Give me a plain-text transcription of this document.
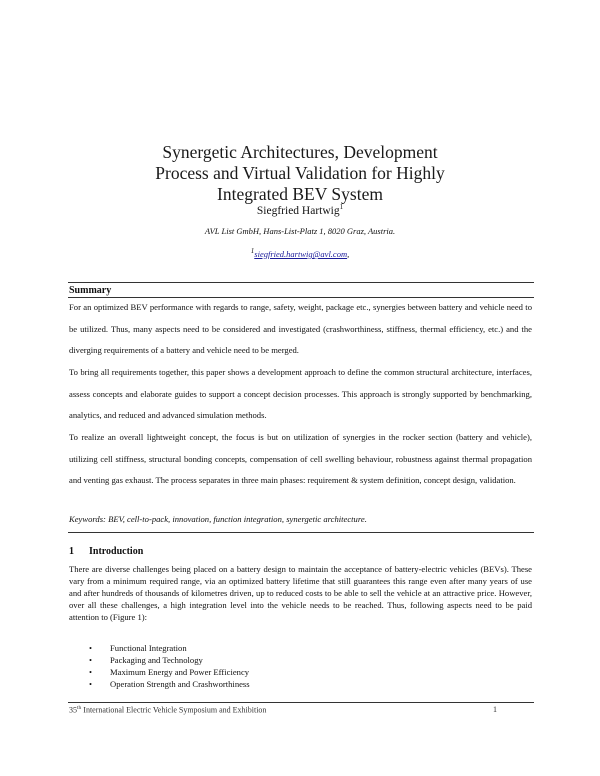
Synergetic Architectures, Development
Process and Virtual Validation for Highly
Integrated BEV System
Siegfried Hartwig$^1$
AVL List GmbH, Hans-List-Platz 1, 8020 Graz, Austria.
$^1$siegfried.hartwig@avl.com,
Summary

For an optimized BEV performance with regards to range, safety, weight, package etc., synergies between battery and vehicle need to be utilized. Thus, many aspects need to be considered and investigated (crashworthiness, stiffness, thermal efficiency, etc.) and the diverging requirements of a battery and vehicle need to be merged.

To bring all requirements together, this paper shows a development approach to define the common structural architecture, interfaces, assess concepts and elaborate guides to support a concept decision processes. This approach is strongly supported by benchmarking, analytics, and reduced and advanced simulation methods.

To realize an overall lightweight concept, the focus is but on utilization of synergies in the rocker section (battery and vehicle), utilizing cell stiffness, structural bonding concepts, compensation of cell swelling behaviour, robustness against thermal propagation and venting gas exhaust. The process separates in three main phases: requirement & system definition, concept design, validation.

Keywords: BEV, cell-to-pack, innovation, function integration, synergetic architecture.
1 Introduction

There are diverse challenges being placed on a battery design to maintain the acceptance of battery-electric vehicles (BEVs). These vary from a minimum required range, via an optimized battery lifetime that still guarantees this range even after many years of use and after hundreds of thousands of kilometres driven, up to reduced costs to be able to sell the vehicle at an attractive price. However, over all these challenges, a high integration level into the vehicle needs to be reached. Thus, following aspects need to be paid attention to (Figure 1):

• Functional Integration
• Packaging and Technology
• Maximum Energy and Power Efficiency
• Operation Strength and Crashworthiness
35th International Electric Vehicle Symposium and Exhibition	1
